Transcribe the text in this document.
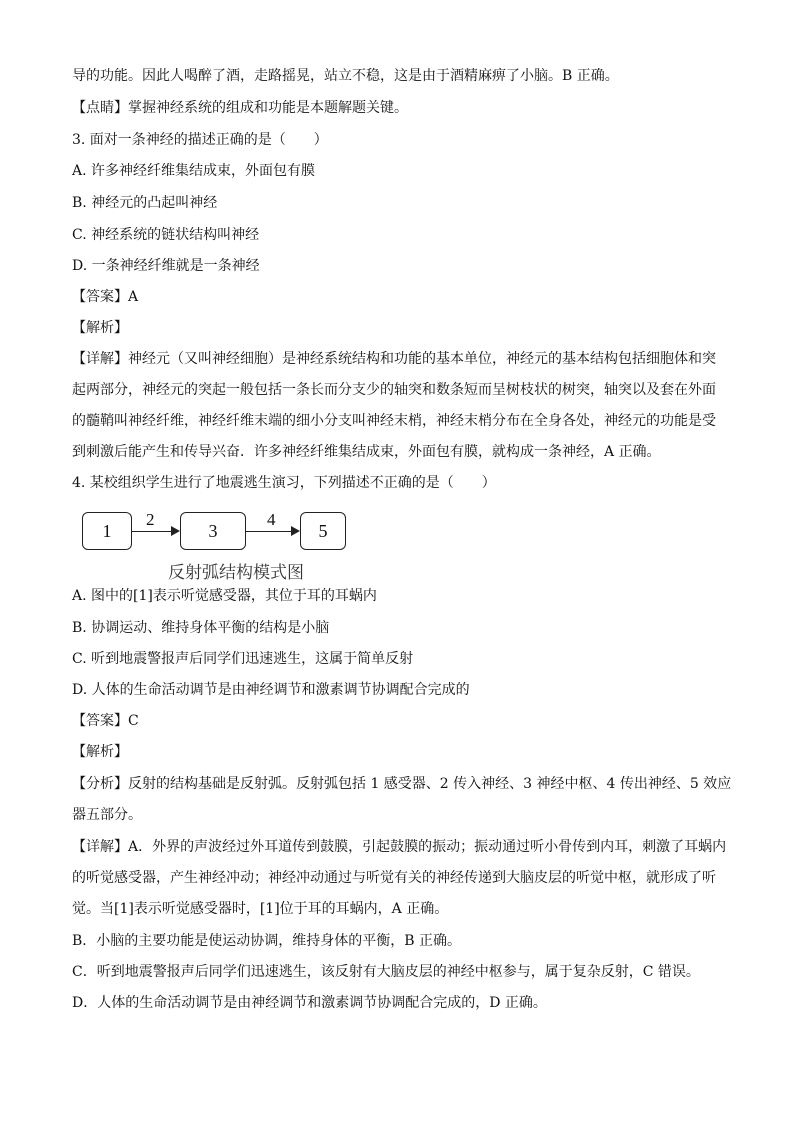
导的功能。因此人喝醉了酒，走路摇晃，站立不稳，这是由于酒精麻痹了小脑。B 正确。
【点睛】掌握神经系统的组成和功能是本题解题关键。
3. 面对一条神经的描述正确的是（　　）
A. 许多神经纤维集结成束，外面包有膜
B. 神经元的凸起叫神经
C. 神经系统的链状结构叫神经
D. 一条神经纤维就是一条神经
【答案】A
【解析】
【详解】神经元（又叫神经细胞）是神经系统结构和功能的基本单位，神经元的基本结构包括细胞体和突
起两部分，神经元的突起一般包括一条长而分支少的轴突和数条短而呈树枝状的树突，轴突以及套在外面
的髓鞘叫神经纤维，神经纤维末端的细小分支叫神经末梢，神经末梢分布在全身各处，神经元的功能是受
到刺激后能产生和传导兴奋．许多神经纤维集结成束，外面包有膜，就构成一条神经，A 正确。
4. 某校组织学生进行了地震逃生演习，下列描述不正确的是（　　）
1
2
3
4
5
反射弧结构模式图
A. 图中的[1]表示听觉感受器，其位于耳的耳蜗内
B. 协调运动、维持身体平衡的结构是小脑
C. 听到地震警报声后同学们迅速逃生，这属于简单反射
D. 人体的生命活动调节是由神经调节和激素调节协调配合完成的
【答案】C
【解析】
【分析】反射的结构基础是反射弧。反射弧包括 1 感受器、2 传入神经、3 神经中枢、4 传出神经、5 效应
器五部分。
【详解】A．外界的声波经过外耳道传到鼓膜，引起鼓膜的振动；振动通过听小骨传到内耳，刺激了耳蜗内
的听觉感受器，产生神经冲动；神经冲动通过与听觉有关的神经传递到大脑皮层的听觉中枢，就形成了听
觉。当[1]表示听觉感受器时，[1]位于耳的耳蜗内，A 正确。
B．小脑的主要功能是使运动协调，维持身体的平衡，B 正确。
C．听到地震警报声后同学们迅速逃生，该反射有大脑皮层的神经中枢参与，属于复杂反射，C 错误。
D．人体的生命活动调节是由神经调节和激素调节协调配合完成的，D 正确。
